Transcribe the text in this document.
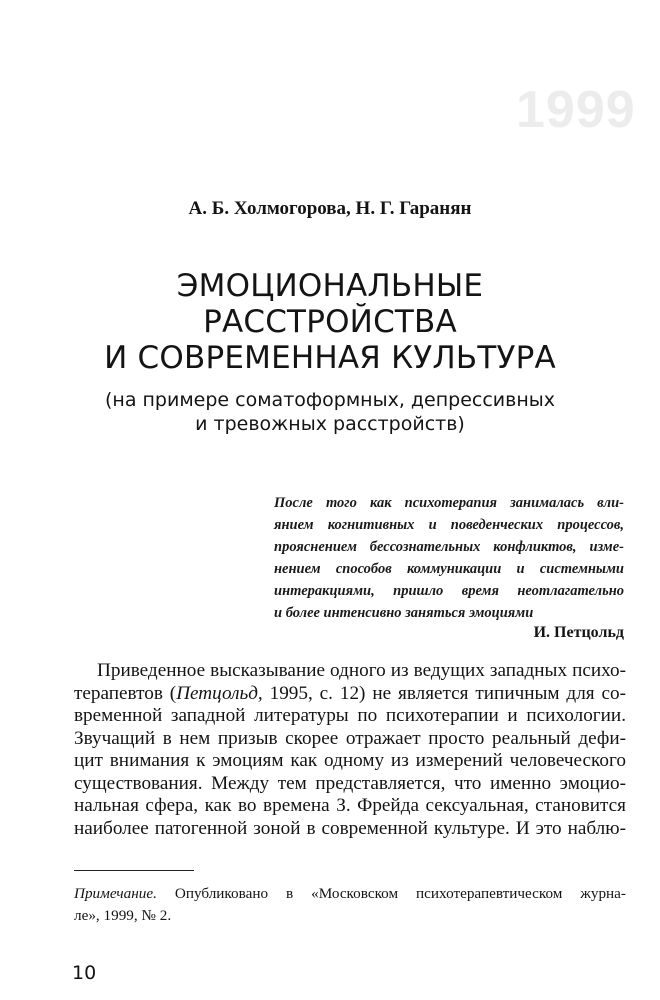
1999
А. Б. Холмогорова, Н. Г. Гаранян
ЭМОЦИОНАЛЬНЫЕ
РАССТРОЙСТВА
И СОВРЕМЕННАЯ КУЛЬТУРА
(на примере соматоформных, депрессивных
и тревожных расстройств)
После того как психотерапия занималась вли-
янием когнитивных и поведенческих процессов,
прояснением бессознательных конфликтов, изме-
нением способов коммуникации и системными
интеракциями, пришло время неотлагательно
и более интенсивно заняться эмоциями
И. Петцольд
Приведенное высказывание одного из ведущих западных психо-
терапевтов (Петцольд, 1995, с. 12) не является типичным для со-
временной западной литературы по психотерапии и психологии.
Звучащий в нем призыв скорее отражает просто реальный дефи-
цит внимания к эмоциям как одному из измерений человеческого
существования. Между тем представляется, что именно эмоцио-
нальная сфера, как во времена З. Фрейда сексуальная, становится
наиболее патогенной зоной в современной культуре. И это наблю-
Примечание. Опубликовано в «Московском психотерапевтическом журна-
ле», 1999, № 2.
10
